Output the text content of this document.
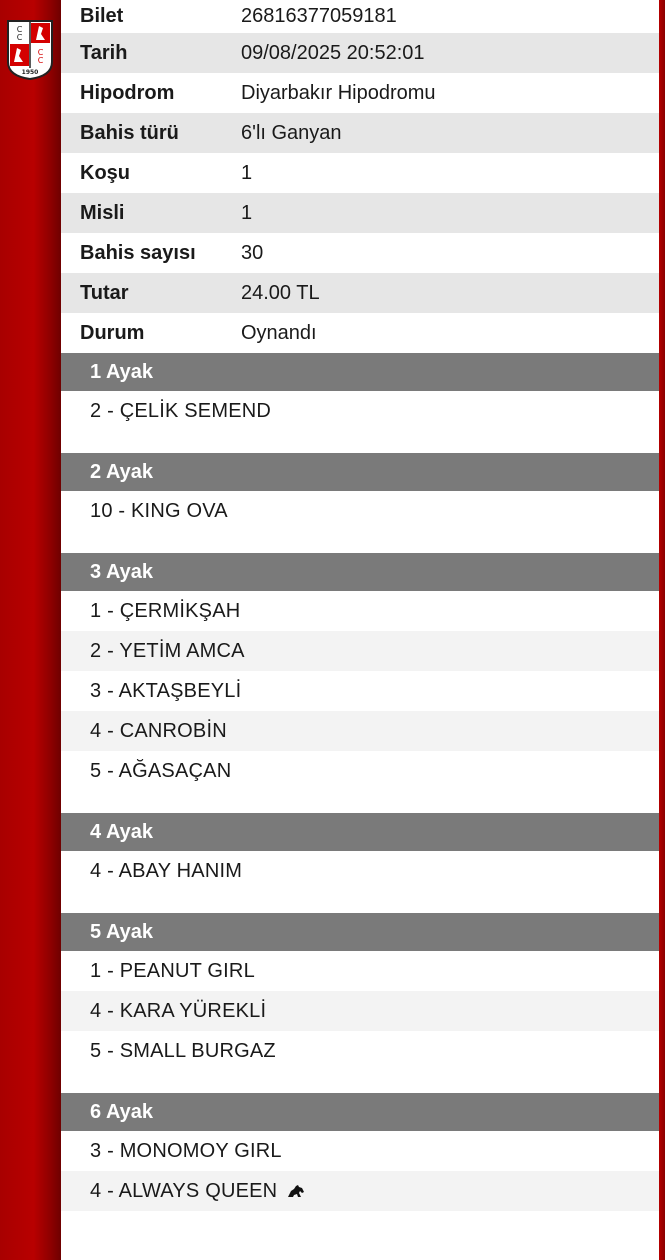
C
C
C
C
1950
Bilet	26816377059181
Tarih	09/08/2025 20:52:01
Hipodrom	Diyarbakır Hipodromu
Bahis türü	6'lı Ganyan
Koşu	1
Misli	1
Bahis sayısı	30
Tutar	24.00 TL
Durum	Oynandı
1 Ayak
2 - ÇELİK SEMEND
2 Ayak
10 - KING OVA
3 Ayak
1 - ÇERMİKŞAH
2 - YETİM AMCA
3 - AKTAŞBEYLİ
4 - CANROBİN
5 - AĞASAÇAN
4 Ayak
4 - ABAY HANIM
5 Ayak
1 - PEANUT GIRL
4 - KARA YÜREKLİ
5 - SMALL BURGAZ
6 Ayak
3 - MONOMOY GIRL
4 - ALWAYS QUEEN
